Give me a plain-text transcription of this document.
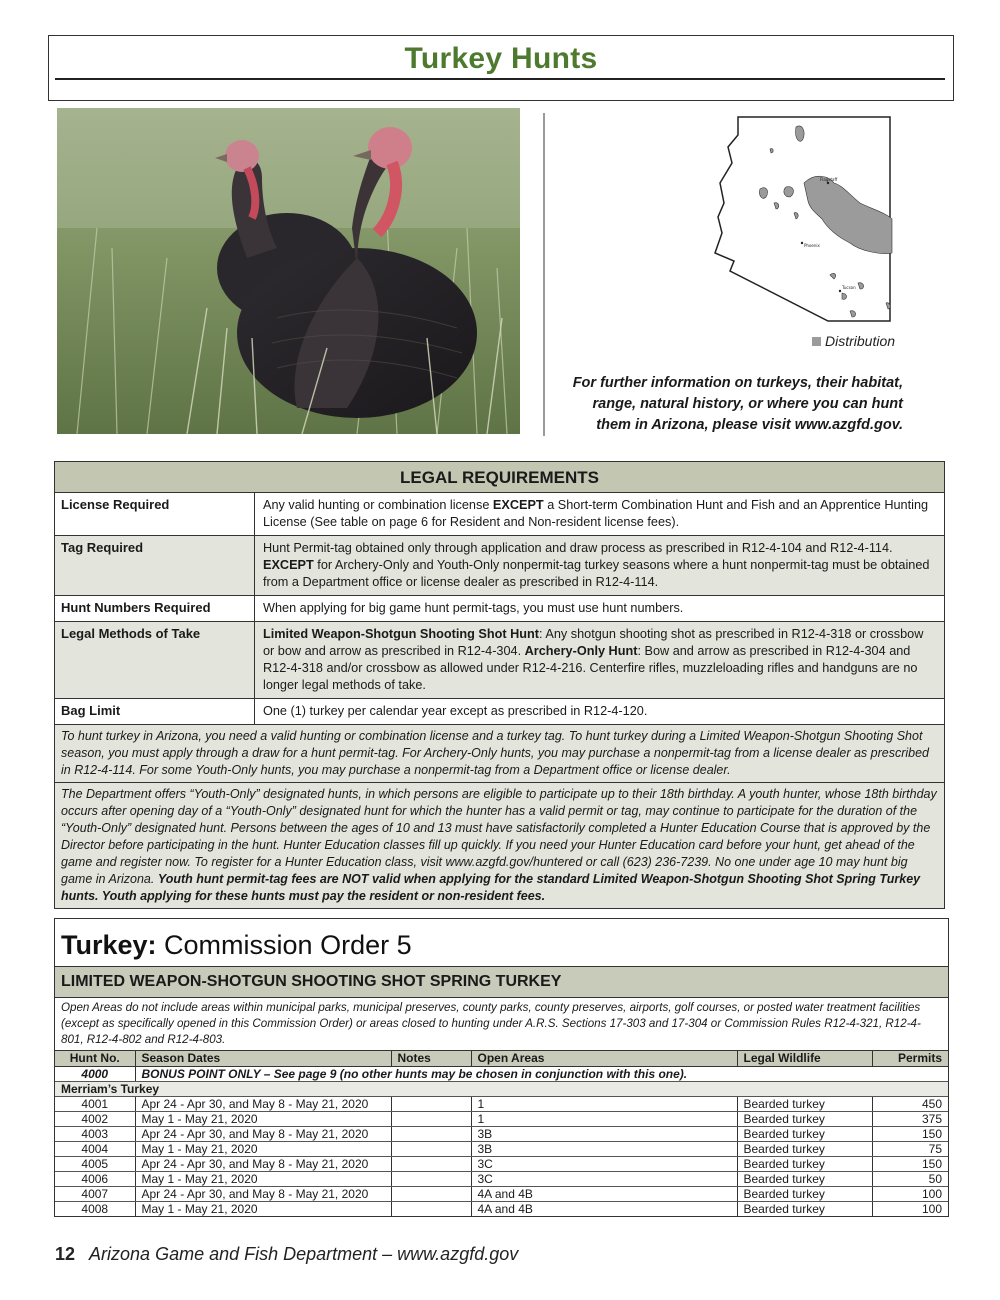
Turkey Hunts
Flagstaff
Phoenix
Tucson
Distribution
For further information on turkeys, their habitat, range, natural history, or where you can hunt them in Arizona, please visit www.azgfd.gov.
LEGAL REQUIREMENTS
License Required	Any valid hunting or combination license EXCEPT a Short-term Combination Hunt and Fish and an Apprentice Hunting License (See table on page 6 for Resident and Non-resident license fees).
Tag Required	Hunt Permit-tag obtained only through application and draw process as prescribed in R12-4-104 and R12-4-114.
EXCEPT for Archery-Only and Youth-Only nonpermit-tag turkey seasons where a hunt nonpermit-tag must be obtained from a Department office or license dealer as prescribed in R12-4-114.
Hunt Numbers Required	When applying for big game hunt permit-tags, you must use hunt numbers.
Legal Methods of Take	Limited Weapon-Shotgun Shooting Shot Hunt: Any shotgun shooting shot as prescribed in R12-4-318 or crossbow or bow and arrow as prescribed in R12-4-304. Archery-Only Hunt: Bow and arrow as prescribed in R12-4-304 and R12-4-318 and/or crossbow as allowed under R12-4-216. Centerfire rifles, muzzleloading rifles and handguns are no longer legal methods of take.
Bag Limit	One (1) turkey per calendar year except as prescribed in R12-4-120.
To hunt turkey in Arizona, you need a valid hunting or combination license and a turkey tag. To hunt turkey during a Limited Weapon-Shotgun Shooting Shot season, you must apply through a draw for a hunt permit-tag. For Archery-Only hunts, you may purchase a nonpermit-tag from a license dealer as prescribed in R12-4-114. For some Youth-Only hunts, you may purchase a nonpermit-tag from a Department office or license dealer.
The Department offers “Youth-Only” designated hunts, in which persons are eligible to participate up to their 18th birthday. A youth hunter, whose 18th birthday occurs after opening day of a “Youth-Only” designated hunt for which the hunter has a valid permit or tag, may continue to participate for the duration of the “Youth-Only” designated hunt. Persons between the ages of 10 and 13 must have satisfactorily completed a Hunter Education Course that is approved by the Director before participating in the hunt. Hunter Education classes fill up quickly. If you need your Hunter Education card before your hunt, get ahead of the game and register now. To register for a Hunter Education class, visit www.azgfd.gov/huntered or call (623) 236-7239. No one under age 10 may hunt big game in Arizona. Youth hunt permit-tag fees are NOT valid when applying for the standard Limited Weapon-Shotgun Shooting Shot Spring Turkey hunts. Youth applying for these hunts must pay the resident or non-resident fees.
Turkey: Commission Order 5
LIMITED WEAPON-SHOTGUN SHOOTING SHOT SPRING TURKEY
Open Areas do not include areas within municipal parks, municipal preserves, county parks, county preserves, airports, golf courses, or posted water treatment facilities (except as specifically opened in this Commission Order) or areas closed to hunting under A.R.S. Sections 17-303 and 17-304 or Commission Rules R12-4-321, R12-4-801, R12-4-802 and R12-4-803.
Hunt No.	Season Dates	Notes	Open Areas	Legal Wildlife	Permits
4000	BONUS POINT ONLY – See page 9 (no other hunts may be chosen in conjunction with this one).				
Merriam’s Turkey					
4001	Apr 24 - Apr 30, and May 8 - May 21, 2020		1	Bearded turkey	450
4002	May 1 - May 21, 2020		1	Bearded turkey	375
4003	Apr 24 - Apr 30, and May 8 - May 21, 2020		3B	Bearded turkey	150
4004	May 1 - May 21, 2020		3B	Bearded turkey	75
4005	Apr 24 - Apr 30, and May 8 - May 21, 2020		3C	Bearded turkey	150
4006	May 1 - May 21, 2020		3C	Bearded turkey	50
4007	Apr 24 - Apr 30, and May 8 - May 21, 2020		4A and 4B	Bearded turkey	100
4008	May 1 - May 21, 2020		4A and 4B	Bearded turkey	100
12 Arizona Game and Fish Department – www.azgfd.gov
